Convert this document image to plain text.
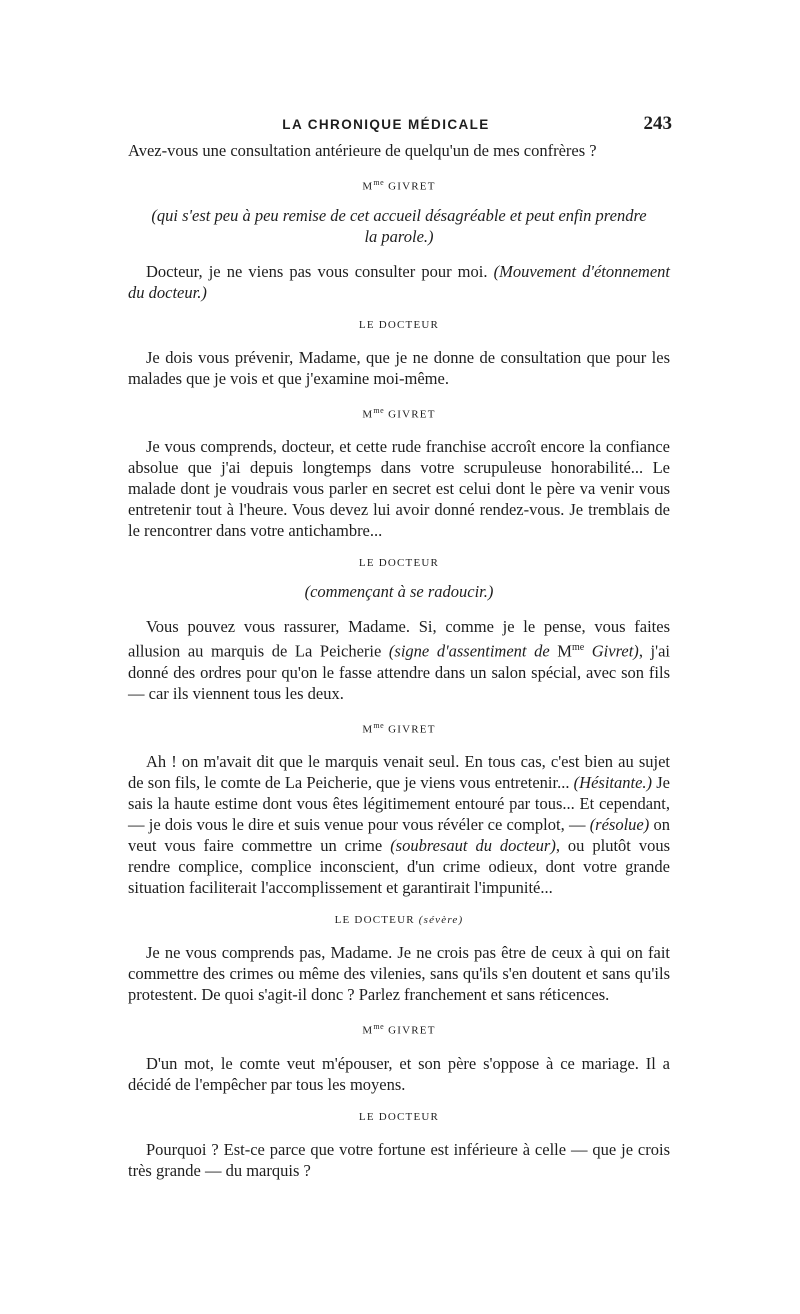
LA CHRONIQUE MÉDICALE	243

Avez-vous une consultation antérieure de quelqu'un de mes confrères ?

$M^{me}$ GIVRET
(qui s'est peu à peu remise de cet accueil désagréable et peut enfin prendre la parole.)

Docteur, je ne viens pas vous consulter pour moi. (Mouvement d'étonnement du docteur.)

LE DOCTEUR

Je dois vous prévenir, Madame, que je ne donne de consultation que pour les malades que je vois et que j'examine moi-même.

$M^{me}$ GIVRET

Je vous comprends, docteur, et cette rude franchise accroît encore la confiance absolue que j'ai depuis longtemps dans votre scrupuleuse honorabilité... Le malade dont je voudrais vous parler en secret est celui dont le père va venir vous entretenir tout à l'heure. Vous devez lui avoir donné rendez-vous. Je tremblais de le rencontrer dans votre antichambre...

LE DOCTEUR
(commençant à se radoucir.)

Vous pouvez vous rassurer, Madame. Si, comme je le pense, vous faites allusion au marquis de La Peicherie (signe d'assentiment de $M^{me}$ Givret), j'ai donné des ordres pour qu'on le fasse attendre dans un salon spécial, avec son fils — car ils viennent tous les deux.

$M^{me}$ GIVRET

Ah ! on m'avait dit que le marquis venait seul. En tous cas, c'est bien au sujet de son fils, le comte de La Peicherie, que je viens vous entretenir... (Hésitante.) Je sais la haute estime dont vous êtes légitimement entouré par tous... Et cependant, — je dois vous le dire et suis venue pour vous révéler ce complot, — (résolue) on veut vous faire commettre un crime (soubresaut du docteur), ou plutôt vous rendre complice, complice inconscient, d'un crime odieux, dont votre grande situation faciliterait l'accomplissement et garantirait l'impunité...

LE DOCTEUR (sévère)

Je ne vous comprends pas, Madame. Je ne crois pas être de ceux à qui on fait commettre des crimes ou même des vilenies, sans qu'ils s'en doutent et sans qu'ils protestent. De quoi s'agit-il donc ? Parlez franchement et sans réticences.

$M^{me}$ GIVRET

D'un mot, le comte veut m'épouser, et son père s'oppose à ce mariage. Il a décidé de l'empêcher par tous les moyens.

LE DOCTEUR

Pourquoi ? Est-ce parce que votre fortune est inférieure à celle — que je crois très grande — du marquis ?
